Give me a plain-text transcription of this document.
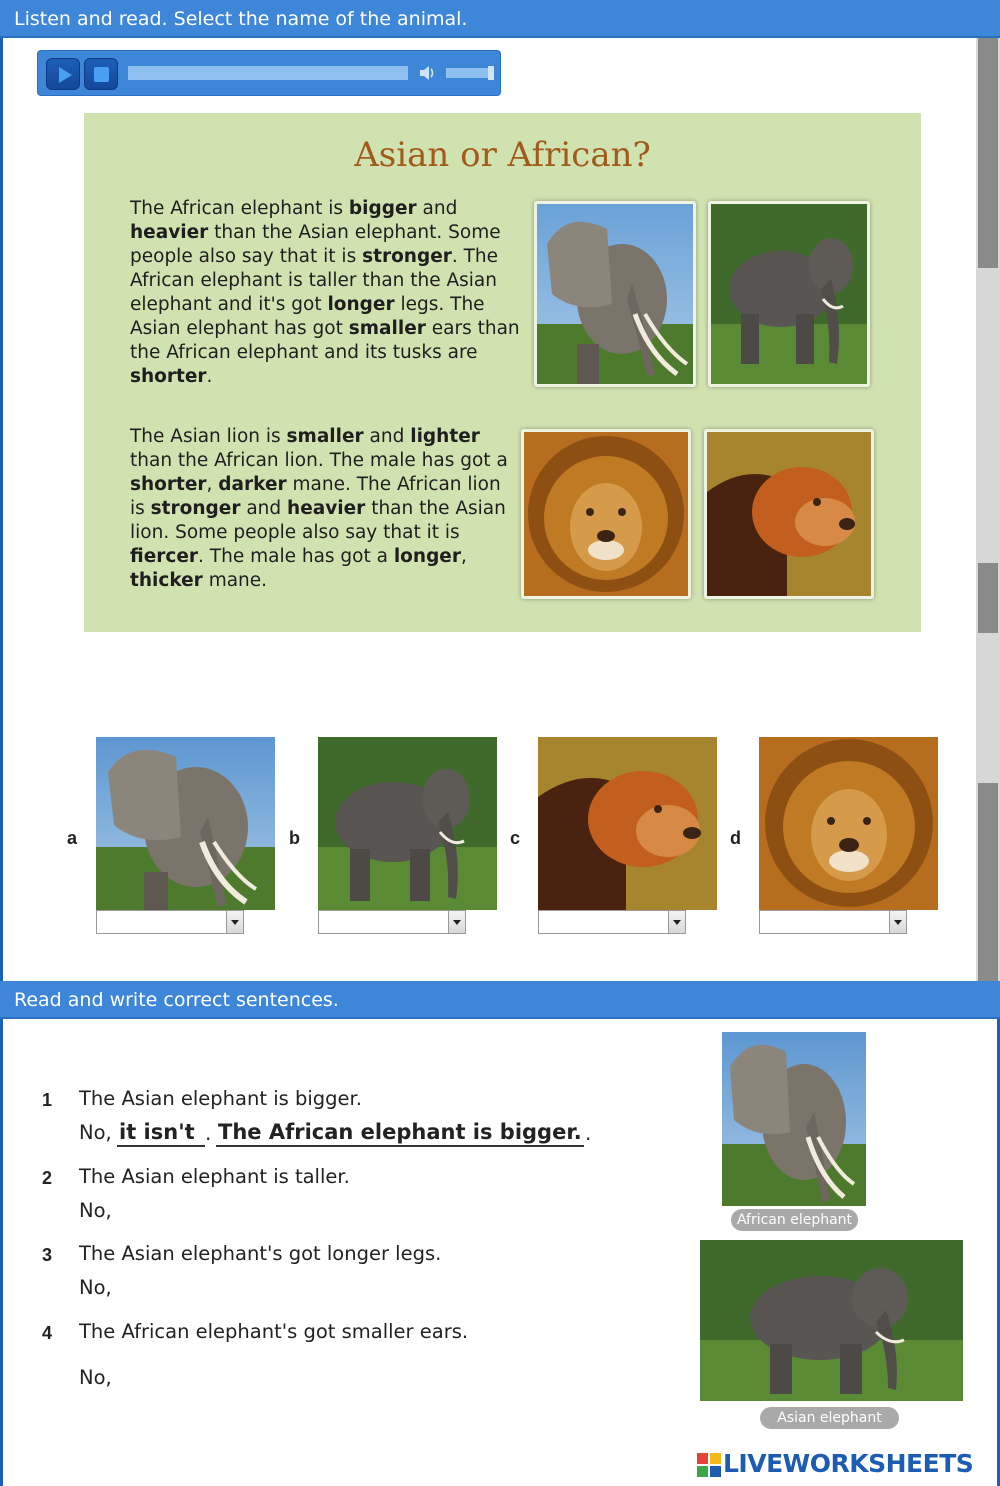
Listen and read. Select the name of the animal.
Asian or African?
The African elephant is bigger and heavier than the Asian elephant. Some people also say that it is stronger. The African elephant is taller than the Asian elephant and it's got longer legs. The Asian elephant has got smaller ears than the African elephant and its tusks are shorter.
The Asian lion is smaller and lighter than the African lion. The male has got a shorter, darker mane. The African lion is stronger and heavier than the Asian lion. Some people also say that it is fiercer. The male has got a longer, thicker mane.
a	b	c	d
Read and write correct sentences.
1 The Asian elephant is bigger.
No, it isn't . The African elephant is bigger. .
2 The Asian elephant is taller.
No,
3 The Asian elephant's got longer legs.
No,
4 The African elephant's got smaller ears.
No,
African elephant
Asian elephant
LIVEWORKSHEETS
